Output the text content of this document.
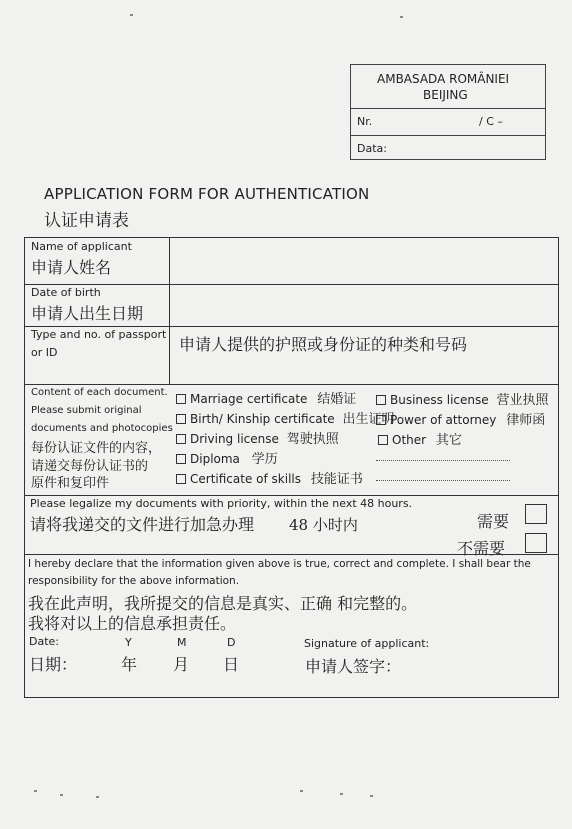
AMBASADA ROMÂNIEI
BEIJING
Nr.	/ C –
Data:
APPLICATION FORM FOR AUTHENTICATION
认证申请表
Name of applicant
申请人姓名
Date of birth
申请人出生日期
Type and no. of passport
or ID	申请人提供的护照或身份证的种类和号码
Content of each document.
Please submit original
documents and photocopies
每份认证文件的内容，
请递交每份认证书的
原件和复印件
Marriage certificate 结婚证
Birth/ Kinship certificate 出生证明
Driving license 驾驶执照
Diploma 学历
Certificate of skills 技能证书
Business license 营业执照
Power of attorney 律师函
Other 其它
Please legalize my documents with priority, within the next 48 hours.
请将我递交的文件进行加急办理 48 小时内	需要
不需要
I hereby declare that the information given above is true, correct and complete. I shall bear the
responsibility for the above information.
我在此声明，我所提交的信息是真实、正确 和完整的。
我将对以上的信息承担责任。
Date:	Y	M	D	Signature of applicant:
日期：	年 月 日	申请人签字：
